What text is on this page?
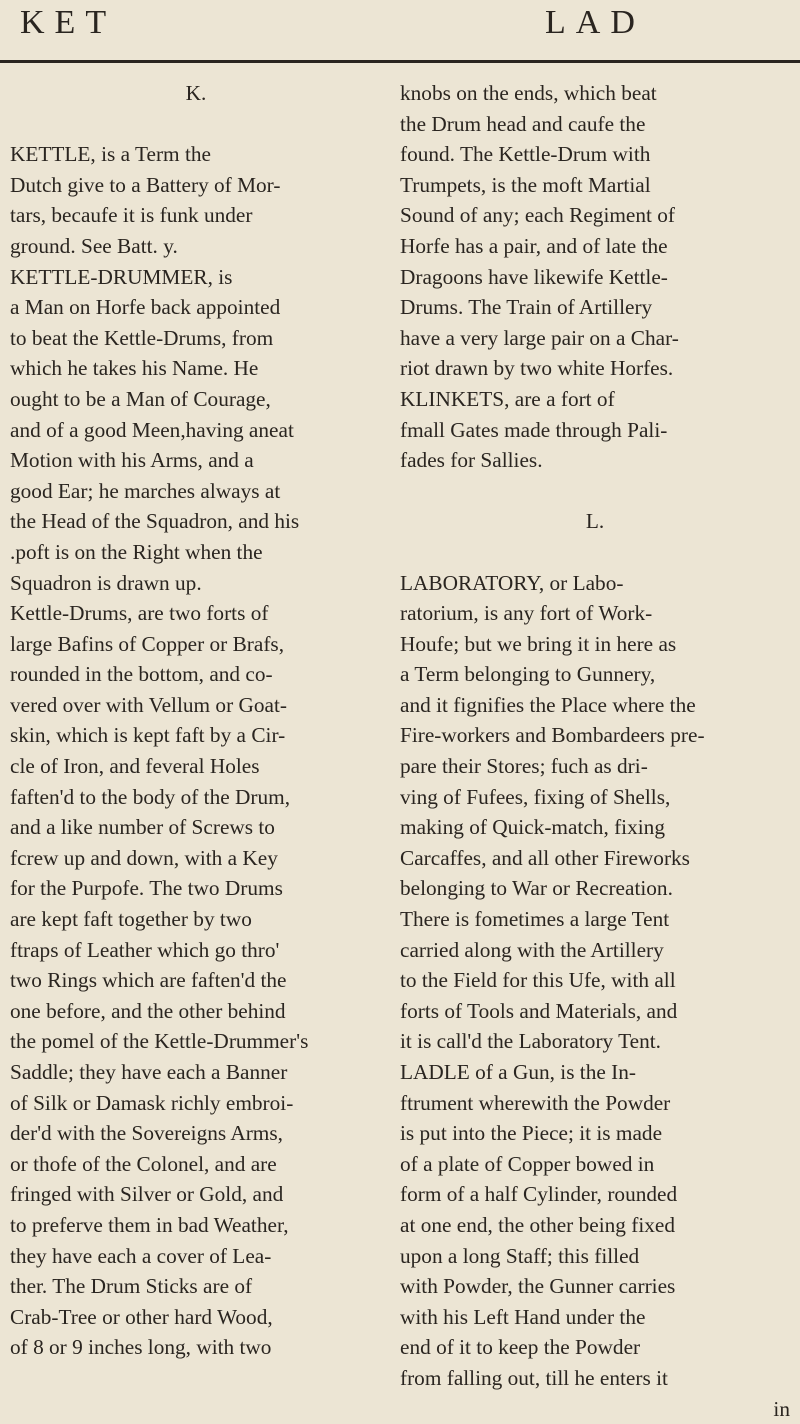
KET	LAD
K.
KETTLE, is a Term the
Dutch give to a Battery of Mor-
tars, becaufe it is funk under
ground. See Batt. y.
KETTLE-DRUMMER, is
a Man on Horfe back appointed
to beat the Kettle-Drums, from
which he takes his Name. He
ought to be a Man of Courage,
and of a good Meen,having aneat
Motion with his Arms, and a
good Ear; he marches always at
the Head of the Squadron, and his
.poft is on the Right when the
Squadron is drawn up.
Kettle-Drums, are two forts of
large Bafins of Copper or Brafs,
rounded in the bottom, and co-
vered over with Vellum or Goat-
skin, which is kept faft by a Cir-
cle of Iron, and feveral Holes
faften'd to the body of the Drum,
and a like number of Screws to
fcrew up and down, with a Key
for the Purpofe. The two Drums
are kept faft together by two
ftraps of Leather which go thro'
two Rings which are faften'd the
one before, and the other behind
the pomel of the Kettle-Drummer's
Saddle; they have each a Banner
of Silk or Damask richly embroi-
der'd with the Sovereigns Arms,
or thofe of the Colonel, and are
fringed with Silver or Gold, and
to preferve them in bad Weather,
they have each a cover of Lea-
ther. The Drum Sticks are of
Crab-Tree or other hard Wood,
of 8 or 9 inches long, with two
knobs on the ends, which beat
the Drum head and caufe the
found. The Kettle-Drum with
Trumpets, is the moft Martial
Sound of any; each Regiment of
Horfe has a pair, and of late the
Dragoons have likewife Kettle-
Drums. The Train of Artillery
have a very large pair on a Char-
riot drawn by two white Horfes.
KLINKETS, are a fort of
fmall Gates made through Pali-
fades for Sallies.
L.
LABORATORY, or Labo-
ratorium, is any fort of Work-
Houfe; but we bring it in here as
a Term belonging to Gunnery,
and it fignifies the Place where the
Fire-workers and Bombardeers pre-
pare their Stores; fuch as dri-
ving of Fufees, fixing of Shells,
making of Quick-match, fixing
Carcaffes, and all other Fireworks
belonging to War or Recreation.
There is fometimes a large Tent
carried along with the Artillery
to the Field for this Ufe, with all
forts of Tools and Materials, and
it is call'd the Laboratory Tent.
LADLE of a Gun, is the In-
ftrument wherewith the Powder
is put into the Piece; it is made
of a plate of Copper bowed in
form of a half Cylinder, rounded
at one end, the other being fixed
upon a long Staff; this filled
with Powder, the Gunner carries
with his Left Hand under the
end of it to keep the Powder
from falling out, till he enters it
in
